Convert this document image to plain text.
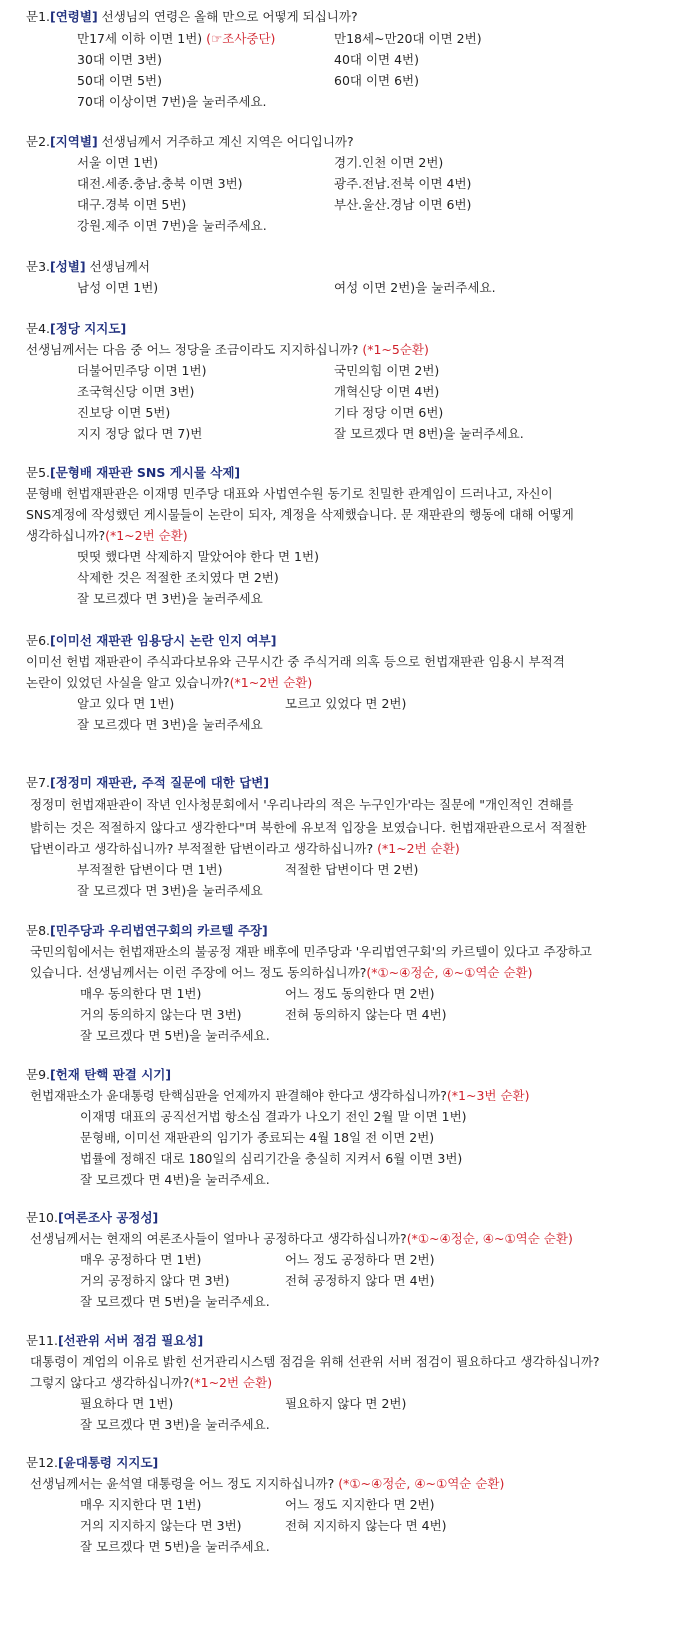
문1.[연령별] 선생님의 연령은 올해 만으로 어떻게 되십니까?
만17세 이하 이면 1번) (☞조사중단)	만18세~만20대 이면 2번)
30대 이면 3번)	40대 이면 4번)
50대 이면 5번)	60대 이면 6번)
70대 이상이면 7번)을 눌러주세요.
문2.[지역별] 선생님께서 거주하고 계신 지역은 어디입니까?
서울 이면 1번)	경기.인천 이면 2번)
대전.세종.충남.충북 이면 3번)	광주.전남.전북 이면 4번)
대구.경북 이면 5번)	부산.울산.경남 이면 6번)
강원.제주 이면 7번)을 눌러주세요.
문3.[성별] 선생님께서
남성 이면 1번)	여성 이면 2번)을 눌러주세요.
문4.[정당 지지도]
선생님께서는 다음 중 어느 정당을 조금이라도 지지하십니까? (*1~5순환)
더불어민주당 이면 1번)	국민의힘 이면 2번)
조국혁신당 이면 3번)	개혁신당 이면 4번)
진보당 이면 5번)	기타 정당 이면 6번)
지지 정당 없다 면 7)번	잘 모르겠다 면 8번)을 눌러주세요.
문5.[문형배 재판관 SNS 게시물 삭제]
문형배 헌법재판관은 이재명 민주당 대표와 사법연수원 동기로 친밀한 관계임이 드러나고, 자신이
SNS계정에 작성했던 게시물들이 논란이 되자, 계정을 삭제했습니다. 문 재판관의 행동에 대해 어떻게
생각하십니까?(*1~2번 순환)
떳떳 했다면 삭제하지 말았어야 한다 면 1번)
삭제한 것은 적절한 조치였다 면 2번)
잘 모르겠다 면 3번)을 눌러주세요
문6.[이미선 재판관 임용당시 논란 인지 여부]
이미선 헌법 재판관이 주식과다보유와 근무시간 중 주식거래 의혹 등으로 헌법재판관 임용시 부적격
논란이 있었던 사실을 알고 있습니까?(*1~2번 순환)
알고 있다 면 1번)	모르고 있었다 면 2번)
잘 모르겠다 면 3번)을 눌러주세요
문7.[정정미 재판관, 주적 질문에 대한 답변]
정정미 헌법재판관이 작년 인사청문회에서 '우리나라의 적은 누구인가'라는 질문에 "개인적인 견해를
밝히는 것은 적절하지 않다고 생각한다"며 북한에 유보적 입장을 보였습니다. 헌법재판관으로서 적절한
답변이라고 생각하십니까? 부적절한 답변이라고 생각하십니까? (*1~2번 순환)
부적절한 답변이다 면 1번)	적절한 답변이다 면 2번)
잘 모르겠다 면 3번)을 눌러주세요
문8.[민주당과 우리법연구회의 카르텔 주장]
국민의힘에서는 헌법재판소의 불공정 재판 배후에 민주당과 '우리법연구회'의 카르텔이 있다고 주장하고
있습니다. 선생님께서는 이런 주장에 어느 정도 동의하십니까?(*①~④정순, ④~①역순 순환)
매우 동의한다 면 1번)	어느 정도 동의한다 면 2번)
거의 동의하지 않는다 면 3번)	전혀 동의하지 않는다 면 4번)
잘 모르겠다 면 5번)을 눌러주세요.
문9.[헌재 탄핵 판결 시기]
헌법재판소가 윤대통령 탄핵심판을 언제까지 판결해야 한다고 생각하십니까?(*1~3번 순환)
이재명 대표의 공직선거법 항소심 결과가 나오기 전인 2월 말 이면 1번)
문형배, 이미선 재판관의 임기가 종료되는 4월 18일 전 이면 2번)
법률에 정해진 대로 180일의 심리기간을 충실히 지켜서 6월 이면 3번)
잘 모르겠다 면 4번)을 눌러주세요.
문10.[여론조사 공정성]
선생님께서는 현재의 여론조사들이 얼마나 공정하다고 생각하십니까?(*①~④정순, ④~①역순 순환)
매우 공정하다 면 1번)	어느 정도 공정하다 면 2번)
거의 공정하지 않다 면 3번)	전혀 공정하지 않다 면 4번)
잘 모르겠다 면 5번)을 눌러주세요.
문11.[선관위 서버 점검 필요성]
대통령이 계엄의 이유로 밝힌 선거관리시스템 점검을 위해 선관위 서버 점검이 필요하다고 생각하십니까?
그렇지 않다고 생각하십니까?(*1~2번 순환)
필요하다 면 1번)	필요하지 않다 면 2번)
잘 모르겠다 면 3번)을 눌러주세요.
문12.[윤대통령 지지도]
선생님께서는 윤석열 대통령을 어느 정도 지지하십니까? (*①~④정순, ④~①역순 순환)
매우 지지한다 면 1번)	어느 정도 지지한다 면 2번)
거의 지지하지 않는다 면 3번)	전혀 지지하지 않는다 면 4번)
잘 모르겠다 면 5번)을 눌러주세요.
